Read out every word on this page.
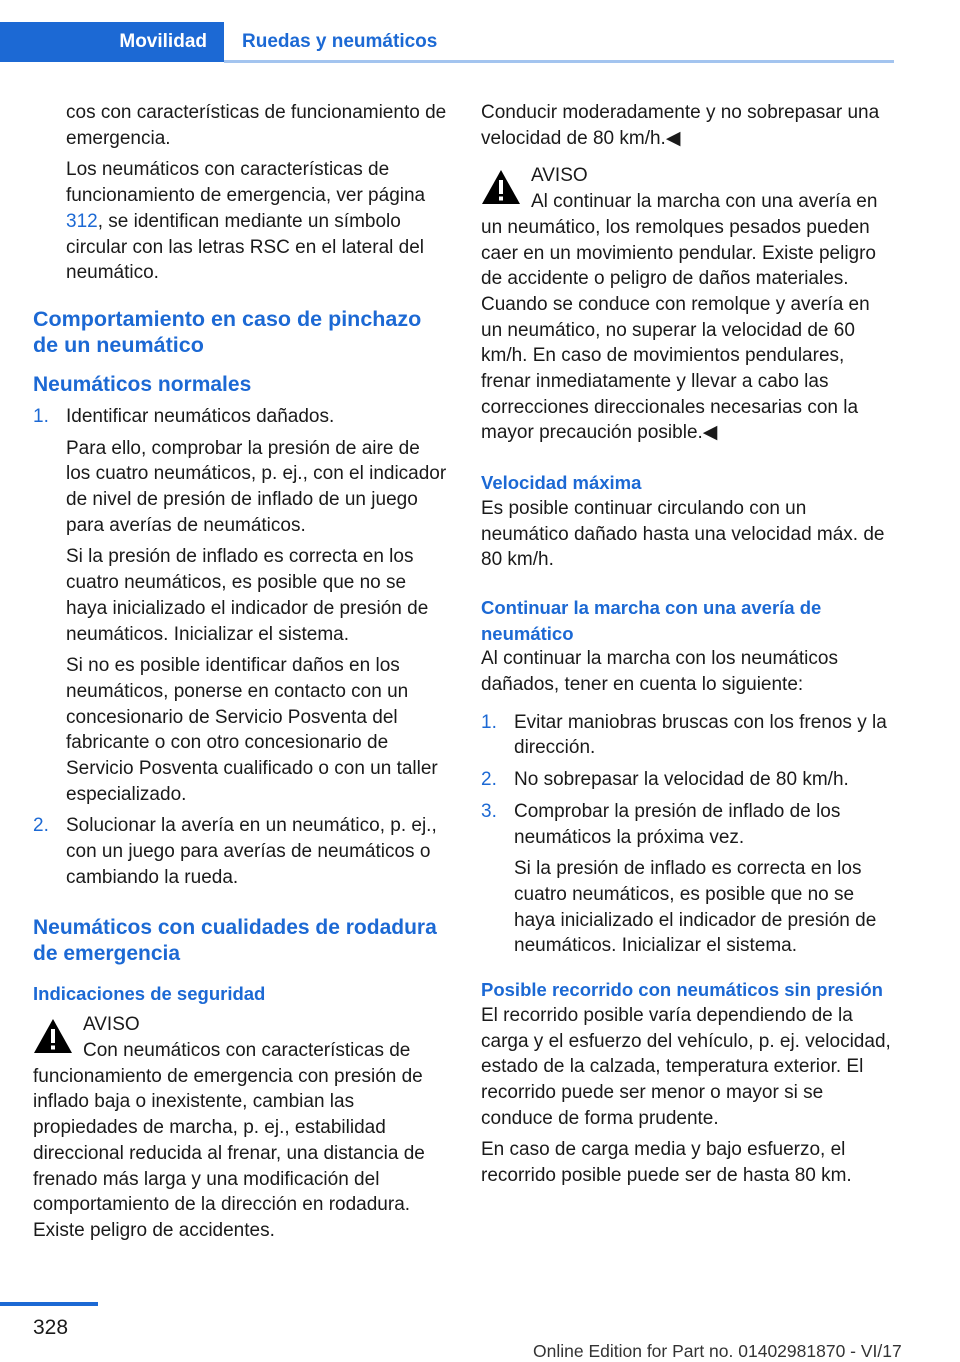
Movilidad	Ruedas y neumáticos

cos con características de funcionamiento de emergencia.

Los neumáticos con características de funcionamiento de emergencia, ver página 312, se identifican mediante un símbolo circular con las letras RSC en el lateral del neumático.

Comportamiento en caso de pinchazo de un neumático
Neumáticos normales
1. Identificar neumáticos dañados.

Para ello, comprobar la presión de aire de los cuatro neumáticos, p. ej., con el indicador de nivel de presión de inflado de un juego para averías de neumáticos.

Si la presión de inflado es correcta en los cuatro neumáticos, es posible que no se haya inicializado el indicador de presión de neumáticos. Inicializar el sistema.

Si no es posible identificar daños en los neumáticos, ponerse en contacto con un concesionario de Servicio Posventa del fabricante o con otro concesionario de Servicio Posventa cualificado o con un taller especializado.

2. Solucionar la avería en un neumático, p. ej., con un juego para averías de neumáticos o cambiando la rueda.

Neumáticos con cualidades de rodadura de emergencia
Indicaciones de seguridad
AVISO
Con neumáticos con características de

funcionamiento de emergencia con presión de inflado baja o inexistente, cambian las propiedades de marcha, p. ej., estabilidad direccional reducida al frenar, una distancia de frenado más larga y una modificación del comportamiento de la dirección en rodadura. Existe peligro de accidentes.

Conducir moderadamente y no sobrepasar una velocidad de 80 km/h.◀

AVISO
Al continuar la marcha con una avería en

un neumático, los remolques pesados pueden caer en un movimiento pendular. Existe peligro de accidente o peligro de daños materiales. Cuando se conduce con remolque y avería en un neumático, no superar la velocidad de 60 km/h. En caso de movimientos pendulares, frenar inmediatamente y llevar a cabo las correcciones direccionales necesarias con la mayor precaución posible.◀

Velocidad máxima

Es posible continuar circulando con un neumático dañado hasta una velocidad máx. de 80 km/h.

Continuar la marcha con una avería de neumático

Al continuar la marcha con los neumáticos dañados, tener en cuenta lo siguiente:

1. Evitar maniobras bruscas con los frenos y la dirección.

2. No sobrepasar la velocidad de 80 km/h.

3. Comprobar la presión de inflado de los neumáticos la próxima vez.

Si la presión de inflado es correcta en los cuatro neumáticos, es posible que no se haya inicializado el indicador de presión de neumáticos. Inicializar el sistema.

Posible recorrido con neumáticos sin presión

El recorrido posible varía dependiendo de la carga y el esfuerzo del vehículo, p. ej. velocidad, estado de la calzada, temperatura exterior. El recorrido puede ser menor o mayor si se conduce de forma prudente.

En caso de carga media y bajo esfuerzo, el recorrido posible puede ser de hasta 80 km.

328
Online Edition for Part no. 01402981870 - VI/17
